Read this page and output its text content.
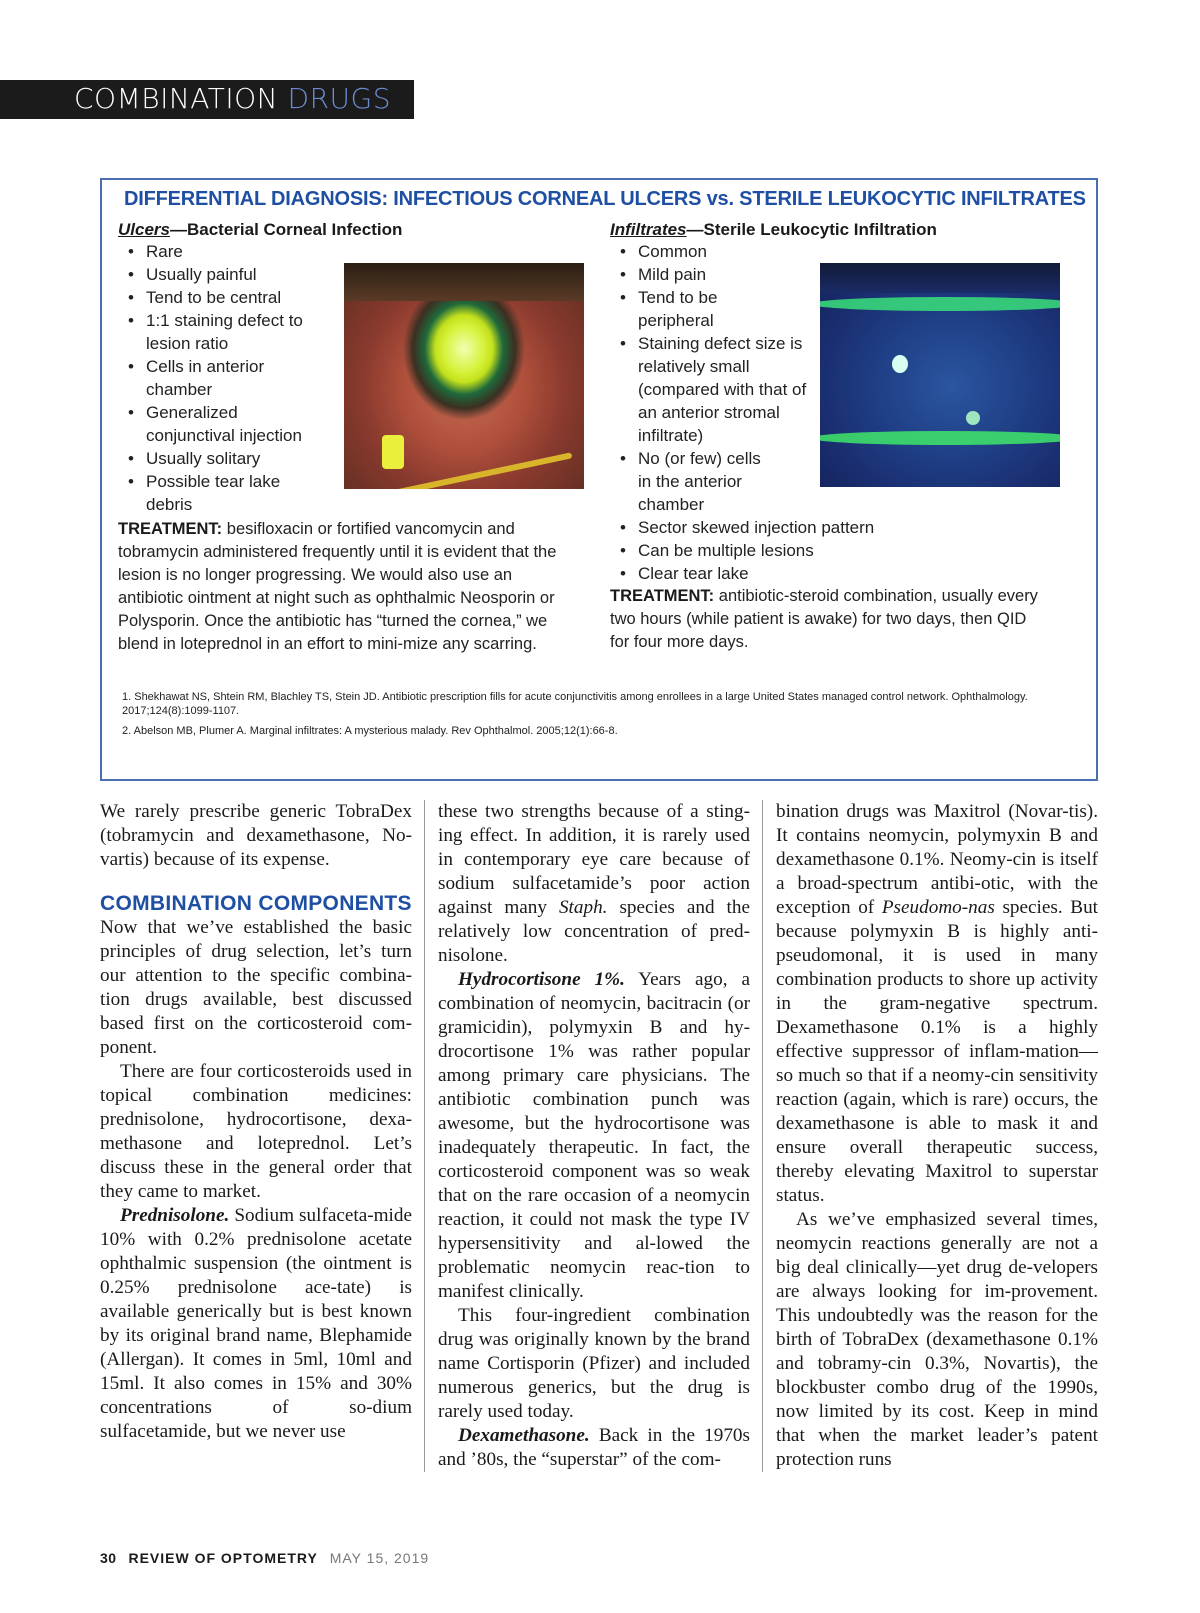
COMBINATION DRUGS
DIFFERENTIAL DIAGNOSIS: INFECTIOUS CORNEAL ULCERS vs. STERILE LEUKOCYTIC INFILTRATES
Ulcers—Bacterial Corneal Infection
• Rare
• Usually painful
• Tend to be central
• 1:1 staining defect to lesion ratio
• Cells in anterior chamber
• Generalized conjunctival injection
• Usually solitary
• Possible tear lake debris
TREATMENT: besifloxacin or fortified vancomycin and tobramycin administered frequently until it is evident that the lesion is no longer progressing. We would also use an antibiotic ointment at night such as ophthalmic Neosporin or Polysporin. Once the antibiotic has “turned the cornea,” we blend in loteprednol in an effort to mini-mize any scarring.
Infiltrates—Sterile Leukocytic Infiltration
• Common
• Mild pain
• Tend to be peripheral
• Staining defect size is relatively small (compared with that of an anterior stromal infiltrate)
• No (or few) cells in the anterior chamber
• Sector skewed injection pattern
• Can be multiple lesions
• Clear tear lake
TREATMENT: antibiotic-steroid combination, usually every two hours (while patient is awake) for two days, then QID for four more days.
1. Shekhawat NS, Shtein RM, Blachley TS, Stein JD. Antibiotic prescription fills for acute conjunctivitis among enrollees in a large United States managed control network. Ophthalmology. 2017;124(8):1099-1107.
2. Abelson MB, Plumer A. Marginal infiltrates: A mysterious malady. Rev Ophthalmol. 2005;12(1):66-8.

We rarely prescribe generic TobraDex (tobramycin and dexamethasone, No-vartis) because of its expense.

COMBINATION COMPONENTS

Now that we’ve established the basic principles of drug selection, let’s turn our attention to the specific combina-tion drugs available, best discussed based first on the corticosteroid com-ponent.

There are four corticosteroids used in topical combination medicines: prednisolone, hydrocortisone, dexa-methasone and loteprednol. Let’s discuss these in the general order that they came to market.

Prednisolone. Sodium sulfaceta-mide 10% with 0.2% prednisolone acetate ophthalmic suspension (the ointment is 0.25% prednisolone ace-tate) is available generically but is best known by its original brand name, Blephamide (Allergan). It comes in 5ml, 10ml and 15ml. It also comes in 15% and 30% concentrations of so-dium sulfacetamide, but we never use

these two strengths because of a sting-ing effect. In addition, it is rarely used in contemporary eye care because of sodium sulfacetamide’s poor action against many Staph. species and the relatively low concentration of pred-nisolone.

Hydrocortisone 1%. Years ago, a combination of neomycin, bacitracin (or gramicidin), polymyxin B and hy-drocortisone 1% was rather popular among primary care physicians. The antibiotic combination punch was awesome, but the hydrocortisone was inadequately therapeutic. In fact, the corticosteroid component was so weak that on the rare occasion of a neomycin reaction, it could not mask the type IV hypersensitivity and al-lowed the problematic neomycin reac-tion to manifest clinically.

This four-ingredient combination drug was originally known by the brand name Cortisporin (Pfizer) and included numerous generics, but the drug is rarely used today.

Dexamethasone. Back in the 1970s and ’80s, the “superstar” of the com-

bination drugs was Maxitrol (Novar-tis). It contains neomycin, polymyxin B and dexamethasone 0.1%. Neomy-cin is itself a broad-spectrum antibi-otic, with the exception of Pseudomo-nas species. But because polymyxin B is highly anti-pseudomonal, it is used in many combination products to shore up activity in the gram-negative spectrum. Dexamethasone 0.1% is a highly effective suppressor of inflam-mation—so much so that if a neomy-cin sensitivity reaction (again, which is rare) occurs, the dexamethasone is able to mask it and ensure overall therapeutic success, thereby elevating Maxitrol to superstar status.

As we’ve emphasized several times, neomycin reactions generally are not a big deal clinically—yet drug de-velopers are always looking for im-provement. This undoubtedly was the reason for the birth of TobraDex (dexamethasone 0.1% and tobramy-cin 0.3%, Novartis), the blockbuster combo drug of the 1990s, now limited by its cost. Keep in mind that when the market leader’s patent protection runs

30 REVIEW OF OPTOMETRY MAY 15, 2019
